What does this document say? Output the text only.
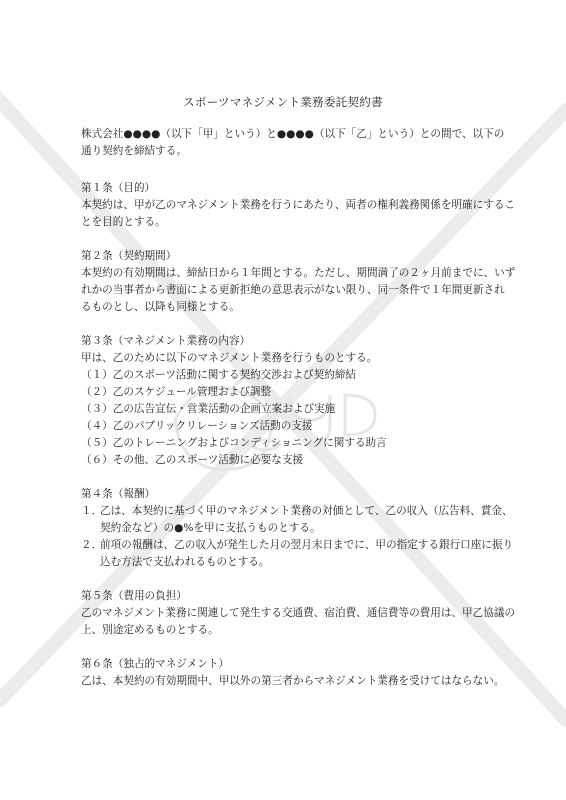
スポーツマネジメント業務委託契約書
株式会社●●●●（以下「甲」という）と●●●●（以下「乙」という）との間で、以下の
通り契約を締結する。
第１条（目的）
本契約は、甲が乙のマネジメント業務を行うにあたり、両者の権利義務関係を明確にするこ
とを目的とする。
第２条（契約期間）
本契約の有効期間は、締結日から１年間とする。ただし、期間満了の２ヶ月前までに、いず
れかの当事者から書面による更新拒絶の意思表示がない限り、同一条件で１年間更新され
るものとし、以降も同様とする。
第３条（マネジメント業務の内容）
甲は、乙のために以下のマネジメント業務を行うものとする。
（１）乙のスポーツ活動に関する契約交渉および契約締結
（２）乙のスケジュール管理および調整
（３）乙の広告宣伝・営業活動の企画立案および実施
（４）乙のパブリックリレーションズ活動の支援
（５）乙のトレーニングおよびコンディショニングに関する助言
（６）その他、乙のスポーツ活動に必要な支援
第４条（報酬）
１．乙は、本契約に基づく甲のマネジメント業務の対価として、乙の収入（広告料、賞金、
契約金など）の●%を甲に支払うものとする。
２．前項の報酬は、乙の収入が発生した月の翌月末日までに、甲の指定する銀行口座に振り
込む方法で支払われるものとする。
第５条（費用の負担）
乙のマネジメント業務に関連して発生する交通費、宿泊費、通信費等の費用は、甲乙協議の
上、別途定めるものとする。
第６条（独占的マネジメント）
乙は、本契約の有効期間中、甲以外の第三者からマネジメント業務を受けてはならない。
